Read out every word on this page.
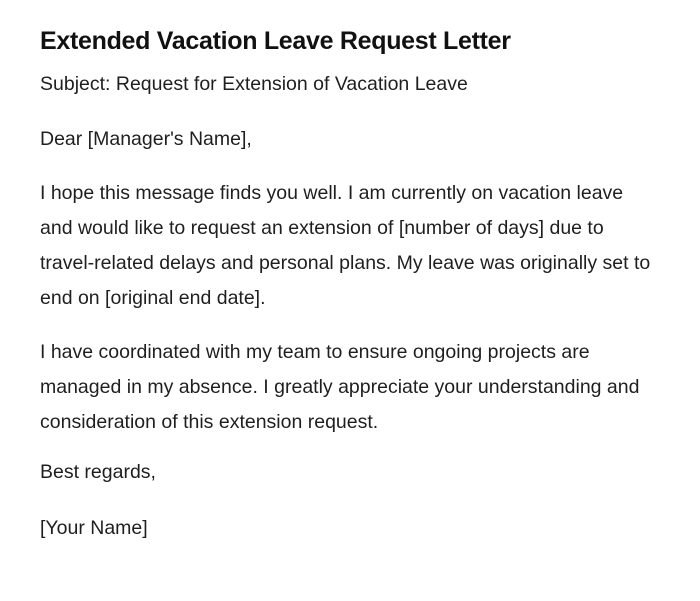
Extended Vacation Leave Request Letter

Subject: Request for Extension of Vacation Leave

Dear [Manager's Name],

I hope this message finds you well. I am currently on vacation leave and would like to request an extension of [number of days] due to travel-related delays and personal plans. My leave was originally set to end on [original end date].

I have coordinated with my team to ensure ongoing projects are managed in my absence. I greatly appreciate your understanding and consideration of this extension request.

Best regards,

[Your Name]
